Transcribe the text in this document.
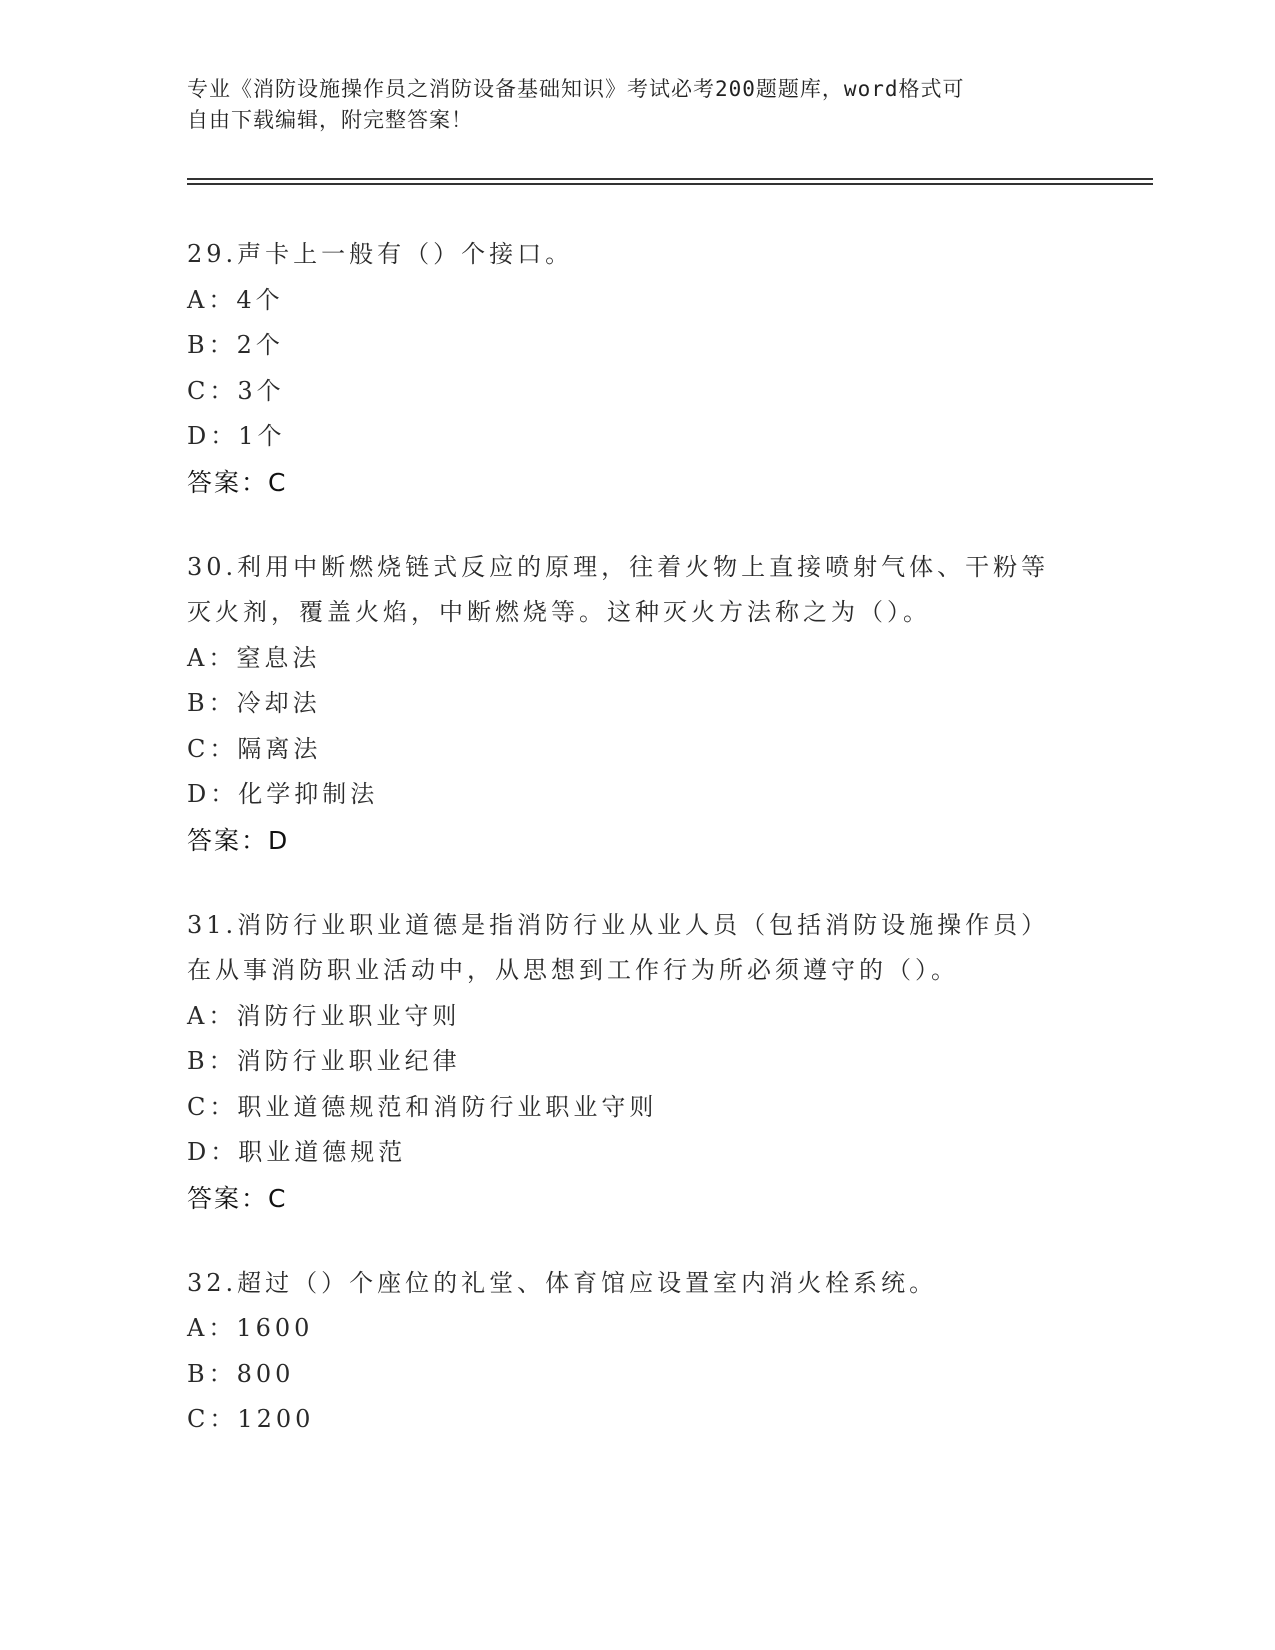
专业《消防设施操作员之消防设备基础知识》考试必考200题题库，word格式可
自由下载编辑，附完整答案！
29.声卡上一般有（）个接口。
A：4个
B：2个
C：3个
D：1个
答案：C
30.利用中断燃烧链式反应的原理，往着火物上直接喷射气体、干粉等
灭火剂，覆盖火焰，中断燃烧等。这种灭火方法称之为（）。
A：窒息法
B：冷却法
C：隔离法
D：化学抑制法
答案：D
31.消防行业职业道德是指消防行业从业人员（包括消防设施操作员）
在从事消防职业活动中，从思想到工作行为所必须遵守的（）。
A：消防行业职业守则
B：消防行业职业纪律
C：职业道德规范和消防行业职业守则
D：职业道德规范
答案：C
32.超过（）个座位的礼堂、体育馆应设置室内消火栓系统。
A：1600
B：800
C：1200
